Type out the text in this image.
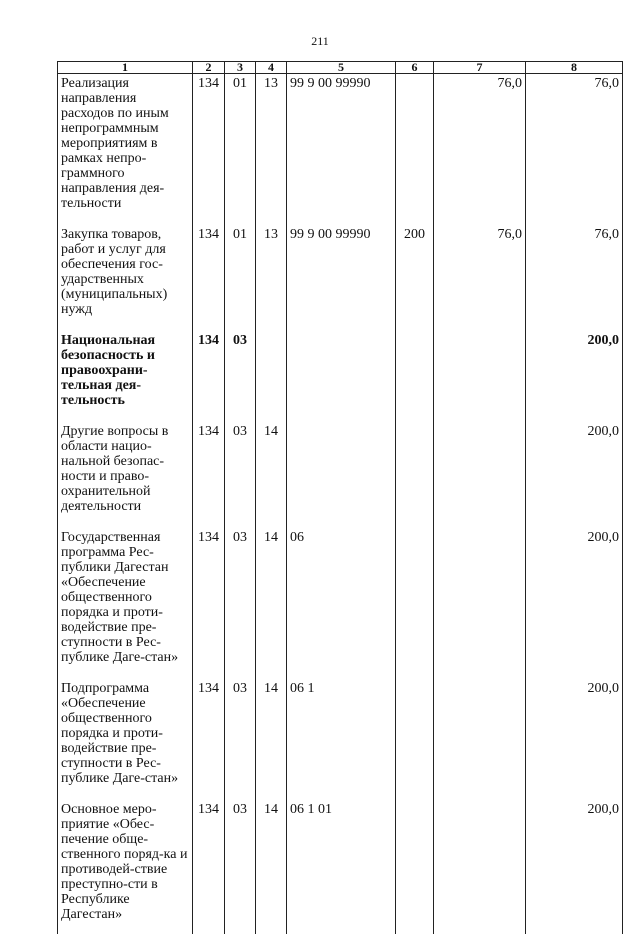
211
1	2	3	4	5	6	7	8
Реализация направления расходов по иным непрограммным мероприятиям в рамках непро-граммного направления дея-тельности	134	01	13	99 9 00 99990		76,0	76,0
Закупка товаров, работ и услуг для обеспечения гос-ударственных (муниципальных) нужд	134	01	13	99 9 00 99990	200	76,0	76,0
Национальная безопасность и правоохрани-тельная дея-тельность	134	03					200,0
Другие вопросы в области нацио-нальной безопас-ности и право-охранительной деятельности	134	03	14				200,0
Государственная программа Рес-публики Дагестан «Обеспечение общественного порядка и проти-водействие пре-ступности в Рес-публике Даге-стан»	134	03	14	06			200,0
Подпрограмма «Обеспечение общественного порядка и проти-водействие пре-ступности в Рес-публике Даге-стан»	134	03	14	06 1			200,0
Основное меро-приятие «Обес-печение обще-ственного поряд-ка и противодей-ствие преступно-сти в Республике Дагестан»	134	03	14	06 1 01			200,0
